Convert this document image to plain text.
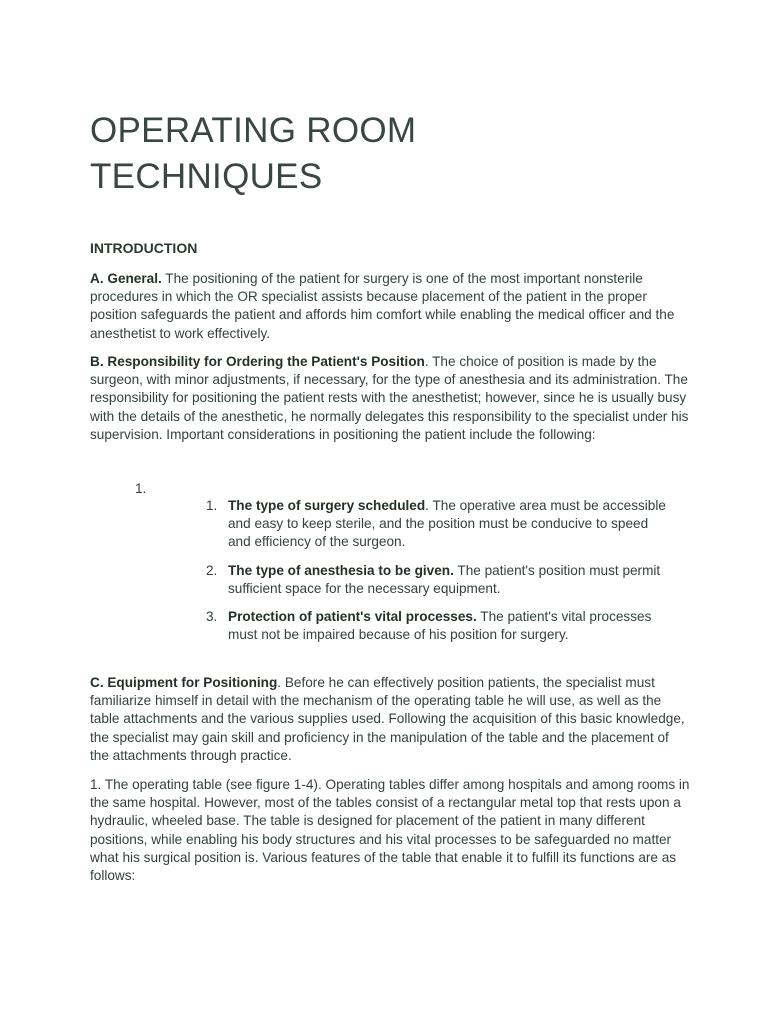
OPERATING ROOM TECHNIQUES
INTRODUCTION

A. General. The positioning of the patient for surgery is one of the most important nonsterile procedures in which the OR specialist assists because placement of the patient in the proper position safeguards the patient and affords him comfort while enabling the medical officer and the anesthetist to work effectively.

B. Responsibility for Ordering the Patient's Position. The choice of position is made by the surgeon, with minor adjustments, if necessary, for the type of anesthesia and its administration. The responsibility for positioning the patient rests with the anesthetist; however, since he is usually busy with the details of the anesthetic, he normally delegates this responsibility to the specialist under his supervision. Important considerations in positioning the patient include the following:

1.
1. The type of surgery scheduled. The operative area must be accessible and easy to keep sterile, and the position must be conducive to speed and efficiency of the surgeon.
2. The type of anesthesia to be given. The patient's position must permit sufficient space for the necessary equipment.
3. Protection of patient's vital processes. The patient's vital processes must not be impaired because of his position for surgery.

C. Equipment for Positioning. Before he can effectively position patients, the specialist must familiarize himself in detail with the mechanism of the operating table he will use, as well as the table attachments and the various supplies used. Following the acquisition of this basic knowledge, the specialist may gain skill and proficiency in the manipulation of the table and the placement of the attachments through practice.

1. The operating table (see figure 1-4). Operating tables differ among hospitals and among rooms in the same hospital. However, most of the tables consist of a rectangular metal top that rests upon a hydraulic, wheeled base. The table is designed for placement of the patient in many different positions, while enabling his body structures and his vital processes to be safeguarded no matter what his surgical position is. Various features of the table that enable it to fulfill its functions are as follows:
